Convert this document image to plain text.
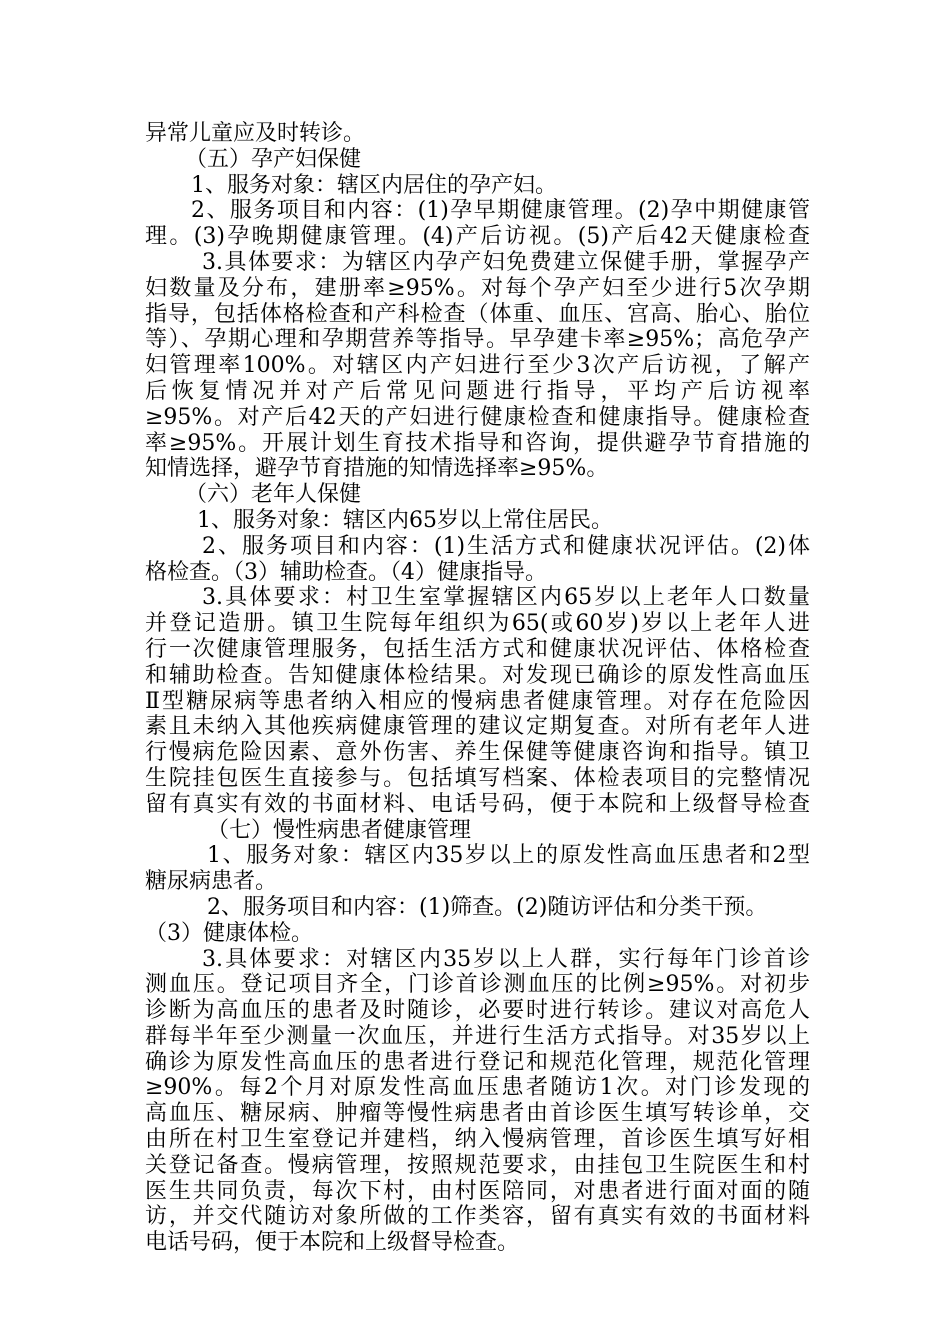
异常儿童应及时转诊。
（五）孕产妇保健
1、服务对象：辖区内居住的孕产妇。
2、服务项目和内容：(1)孕早期健康管理。(2)孕中期健康管
理。(3)孕晚期健康管理。(4)产后访视。(5)产后42天健康检查
3.具体要求：为辖区内孕产妇免费建立保健手册，掌握孕产
妇数量及分布，建册率≥95%。对每个孕产妇至少进行5次孕期
指导，包括体格检查和产科检查（体重、血压、宫高、胎心、胎位
等）、孕期心理和孕期营养等指导。早孕建卡率≥95%；高危孕产
妇管理率100%。对辖区内产妇进行至少3次产后访视，了解产
后恢复情况并对产后常见问题进行指导，平均产后访视率
≥95%。对产后42天的产妇进行健康检查和健康指导。健康检查
率≥95%。开展计划生育技术指导和咨询，提供避孕节育措施的
知情选择，避孕节育措施的知情选择率≥95%。
（六）老年人保健
1、服务对象：辖区内65岁以上常住居民。
2、服务项目和内容：(1)生活方式和健康状况评估。(2)体
格检查。（3）辅助检查。（4）健康指导。
3.具体要求：村卫生室掌握辖区内65岁以上老年人口数量
并登记造册。镇卫生院每年组织为65(或60岁)岁以上老年人进
行一次健康管理服务，包括生活方式和健康状况评估、体格检查
和辅助检查。告知健康体检结果。对发现已确诊的原发性高血压
Ⅱ型糖尿病等患者纳入相应的慢病患者健康管理。对存在危险因
素且未纳入其他疾病健康管理的建议定期复查。对所有老年人进
行慢病危险因素、意外伤害、养生保健等健康咨询和指导。镇卫
生院挂包医生直接参与。包括填写档案、体检表项目的完整情况
留有真实有效的书面材料、电话号码，便于本院和上级督导检查
（七）慢性病患者健康管理
1、服务对象：辖区内35岁以上的原发性高血压患者和2型
糖尿病患者。
2、服务项目和内容：(1)筛查。(2)随访评估和分类干预。
（3）健康体检。
3.具体要求：对辖区内35岁以上人群，实行每年门诊首诊
测血压。登记项目齐全，门诊首诊测血压的比例≥95%。对初步
诊断为高血压的患者及时随诊，必要时进行转诊。建议对高危人
群每半年至少测量一次血压，并进行生活方式指导。对35岁以上
确诊为原发性高血压的患者进行登记和规范化管理，规范化管理
≥90%。每2个月对原发性高血压患者随访1次。对门诊发现的
高血压、糖尿病、肿瘤等慢性病患者由首诊医生填写转诊单，交
由所在村卫生室登记并建档，纳入慢病管理，首诊医生填写好相
关登记备查。慢病管理，按照规范要求，由挂包卫生院医生和村
医生共同负责，每次下村，由村医陪同，对患者进行面对面的随
访，并交代随访对象所做的工作类容，留有真实有效的书面材料
电话号码，便于本院和上级督导检查。
